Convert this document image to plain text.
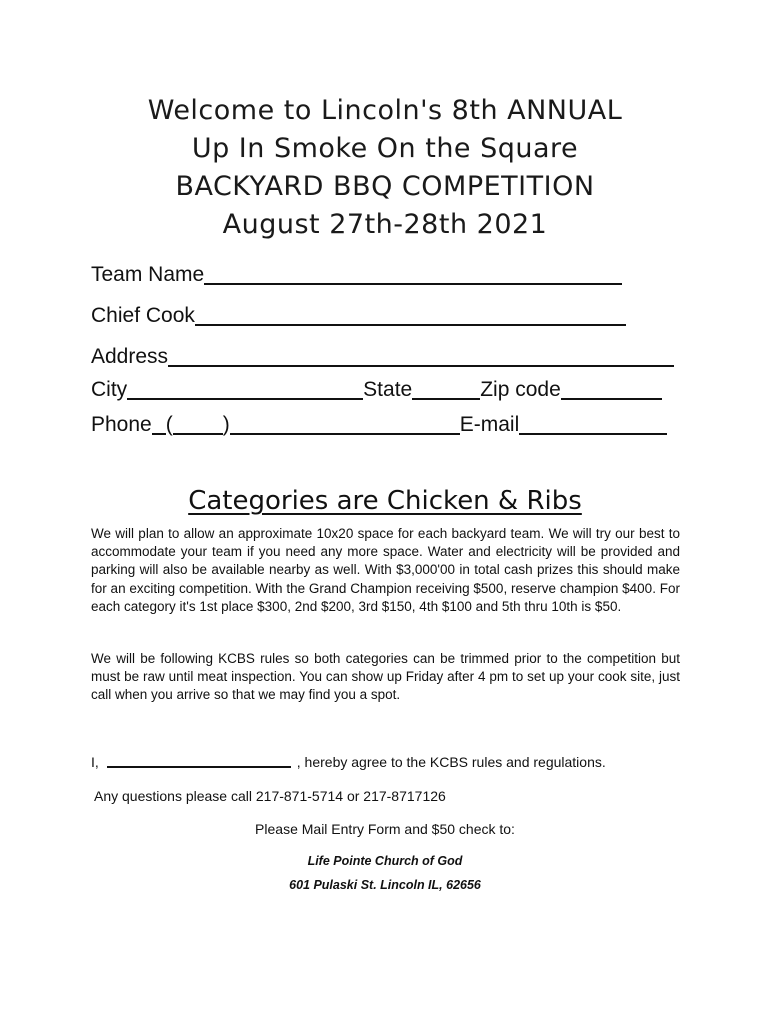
Welcome to Lincoln's 8th ANNUAL
Up In Smoke On the Square
BACKYARD BBQ COMPETITION
August 27th-28th 2021
Team Name
Chief Cook
Address
City	State	Zip code
Phone ( )	E-mail
Categories are Chicken & Ribs

We will plan to allow an approximate 10x20 space for each backyard team. We will try our best to accommodate your team if you need any more space. Water and electricity will be provided and parking will also be available nearby as well. With $3,000'00 in total cash prizes this should make for an exciting competition. With the Grand Champion receiving $500, reserve champion $400. For each category it's 1st place $300, 2nd $200, 3rd $150, 4th $100 and 5th thru 10th is $50.

We will be following KCBS rules so both categories can be trimmed prior to the competition but must be raw until meat inspection. You can show up Friday after 4 pm to set up your cook site, just call when you arrive so that we may find you a spot.

I,	, hereby agree to the KCBS rules and regulations.
Any questions please call 217-871-5714 or 217-8717126
Please Mail Entry Form and $50 check to:
Life Pointe Church of God
601 Pulaski St. Lincoln IL, 62656
